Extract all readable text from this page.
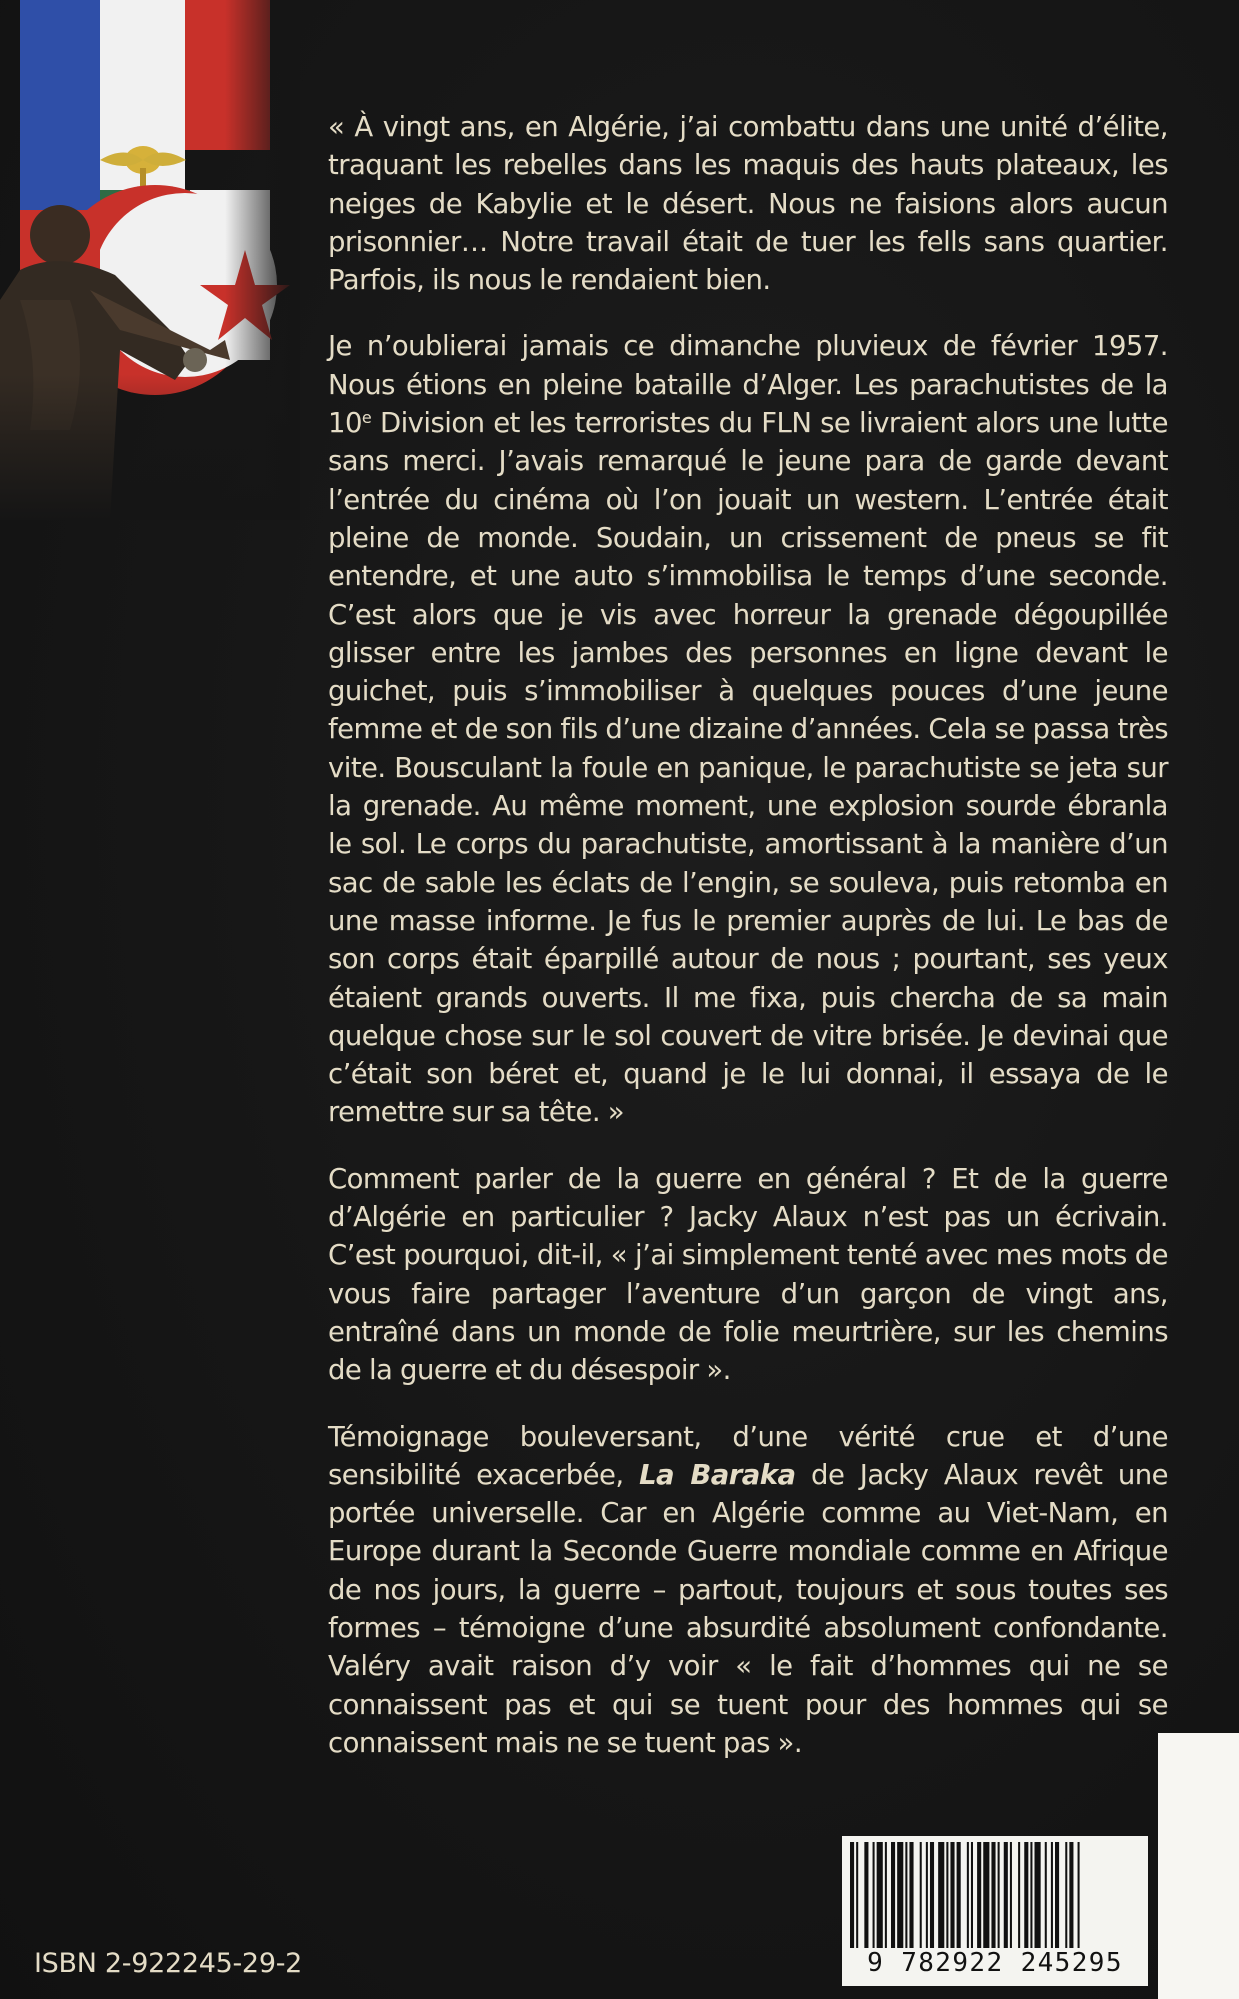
« À vingt ans, en Algérie, j’ai combattu dans une unité d’élite, traquant les rebelles dans les maquis des hauts plateaux, les neiges de Kabylie et le désert. Nous ne faisions alors aucun prisonnier… Notre travail était de tuer les fells sans quartier. Parfois, ils nous le rendaient bien.

Je n’oublierai jamais ce dimanche pluvieux de février 1957. Nous étions en pleine bataille d’Alger. Les parachutistes de la 10e Division et les terroristes du FLN se livraient alors une lutte sans merci. J’avais remarqué le jeune para de garde devant l’entrée du cinéma où l’on jouait un western. L’entrée était pleine de monde. Soudain, un crissement de pneus se fit entendre, et une auto s’immobilisa le temps d’une seconde. C’est alors que je vis avec horreur la grenade dégoupillée glisser entre les jambes des personnes en ligne devant le guichet, puis s’immobiliser à quelques pouces d’une jeune femme et de son fils d’une dizaine d’années. Cela se passa très vite. Bousculant la foule en panique, le parachutiste se jeta sur la grenade. Au même moment, une explosion sourde ébranla le sol. Le corps du parachutiste, amortissant à la manière d’un sac de sable les éclats de l’engin, se souleva, puis retomba en une masse informe. Je fus le premier auprès de lui. Le bas de son corps était éparpillé autour de nous ; pourtant, ses yeux étaient grands ouverts. Il me fixa, puis chercha de sa main quelque chose sur le sol couvert de vitre brisée. Je devinai que c’était son béret et, quand je le lui donnai, il essaya de le remettre sur sa tête. »

Comment parler de la guerre en général ? Et de la guerre d’Algérie en particulier ? Jacky Alaux n’est pas un écrivain. C’est pourquoi, dit-il, « j’ai simplement tenté avec mes mots de vous faire partager l’aventure d’un garçon de vingt ans, entraîné dans un monde de folie meurtrière, sur les chemins de la guerre et du désespoir ».

Témoignage bouleversant, d’une vérité crue et d’une sensibilité exacerbée, La Baraka de Jacky Alaux revêt une portée universelle. Car en Algérie comme au Viet-Nam, en Europe durant la Seconde Guerre mondiale comme en Afrique de nos jours, la guerre – partout, toujours et sous toutes ses formes – témoigne d’une absurdité absolument confondante. Valéry avait raison d’y voir « le fait d’hommes qui ne se connaissent pas et qui se tuent pour des hommes qui se connaissent mais ne se tuent pas ».

ISBN 2-922245-29-2	9 782922 245295
